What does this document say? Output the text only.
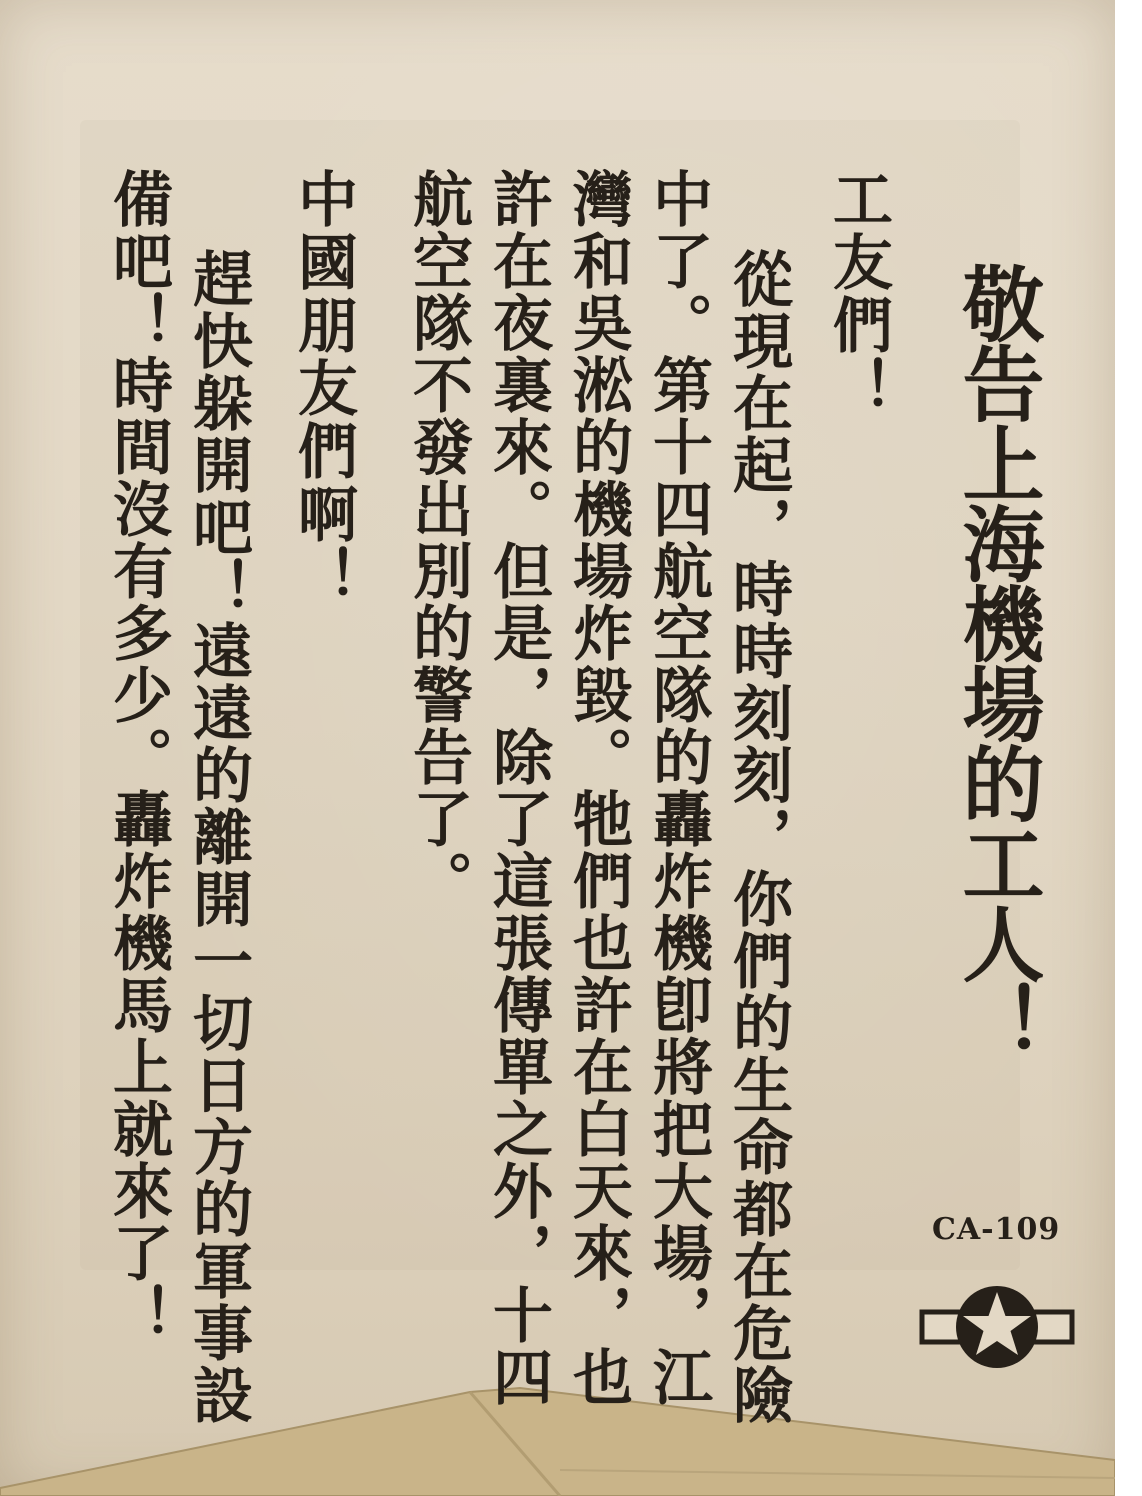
敬告上海機場的工人！
CA-109
工友們！
從現在起，時時刻刻，你們的生命都在危險
中了。第十四航空隊的轟炸機卽將把大場，江
灣和吳淞的機場炸毀。牠們也許在白天來，也
許在夜裏來。但是，除了這張傳單之外，十四
航空隊不發出別的警告了。
中國朋友們啊！
趕快躲開吧！遠遠的離開一切日方的軍事設
備吧！時間沒有多少。轟炸機馬上就來了！
